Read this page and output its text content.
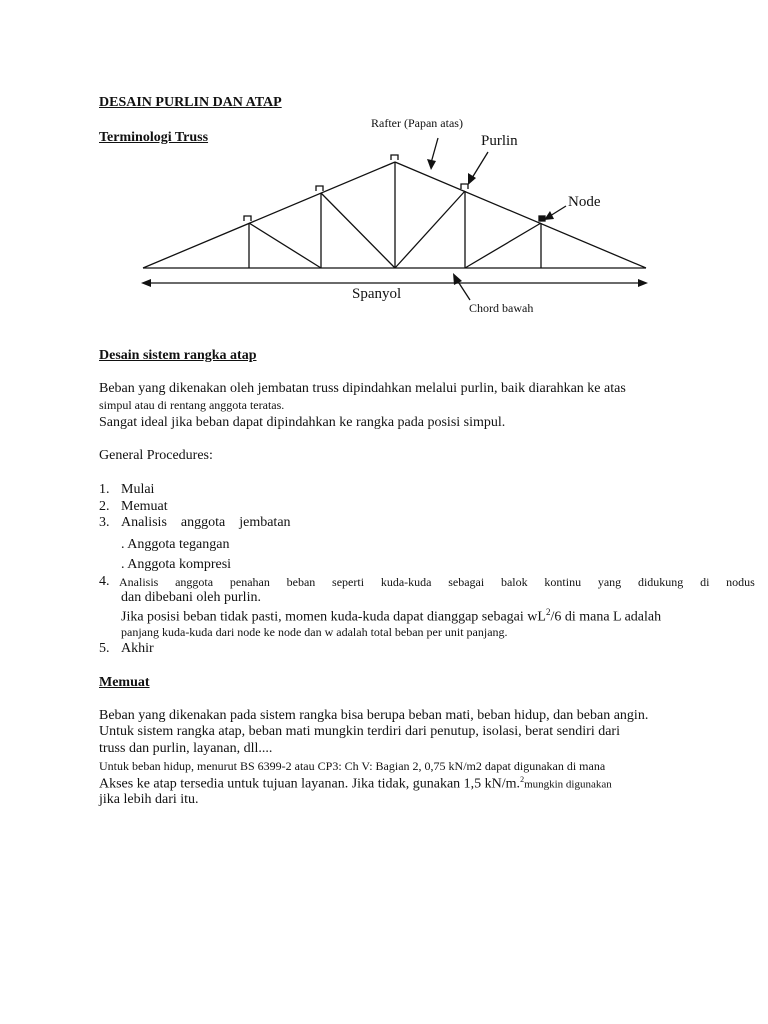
DESAIN PURLIN DAN ATAP
Terminologi Truss
Rafter (Papan atas)
Purlin
Node
Spanyol
Chord bawah
Desain sistem rangka atap
Beban yang dikenakan oleh jembatan truss dipindahkan melalui purlin, baik diarahkan ke atas
simpul atau di rentang anggota teratas.
Sangat ideal jika beban dapat dipindahkan ke rangka pada posisi simpul.
General Procedures:
1. Mulai
2. Memuat
3. Analisis anggota jembatan
. Anggota tegangan
. Anggota kompresi
4. Analisis anggota penahan beban seperti kuda-kuda sebagai balok kontinu yang didukung di nodus
dan dibebani oleh purlin.
Jika posisi beban tidak pasti, momen kuda-kuda dapat dianggap sebagai $wL^2/6$ di mana L adalah
panjang kuda-kuda dari node ke node dan w adalah total beban per unit panjang.
5. Akhir
Memuat
Beban yang dikenakan pada sistem rangka bisa berupa beban mati, beban hidup, dan beban angin.
Untuk sistem rangka atap, beban mati mungkin terdiri dari penutup, isolasi, berat sendiri dari
truss dan purlin, layanan, dll....
Untuk beban hidup, menurut BS 6399-2 atau CP3: Ch V: Bagian 2, 0,75 kN/m2 dapat digunakan di mana
Akses ke atap tersedia untuk tujuan layanan. Jika tidak, gunakan 1,5 kN/m.$^2$mungkin digunakan
jika lebih dari itu.
